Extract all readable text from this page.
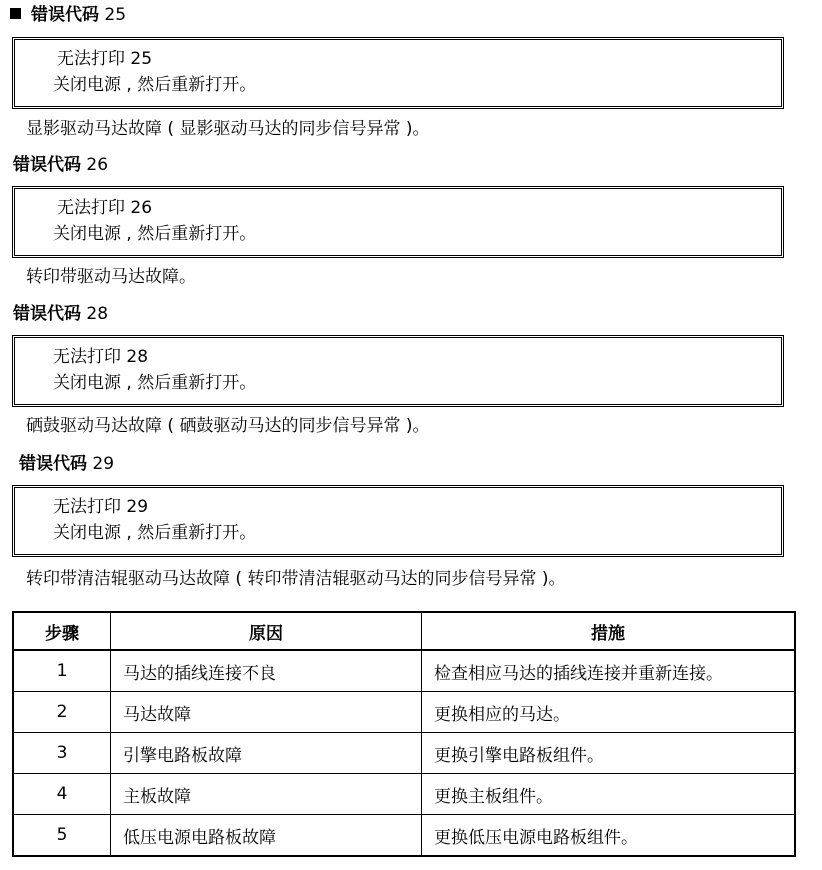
错误代码 25
无法打印 25
关闭电源 , 然后重新打开。
显影驱动马达故障 ( 显影驱动马达的同步信号异常 )。
错误代码 26
无法打印 26
关闭电源 , 然后重新打开。
转印带驱动马达故障。
错误代码 28
无法打印 28
关闭电源 , 然后重新打开。
硒鼓驱动马达故障 ( 硒鼓驱动马达的同步信号异常 )。
错误代码 29
无法打印 29
关闭电源 , 然后重新打开。
转印带清洁辊驱动马达故障 ( 转印带清洁辊驱动马达的同步信号异常 )。
步骤	原因	措施
1	马达的插线连接不良	检查相应马达的插线连接并重新连接。
2	马达故障	更换相应的马达。
3	引擎电路板故障	更换引擎电路板组件。
4	主板故障	更换主板组件。
5	低压电源电路板故障	更换低压电源电路板组件。
